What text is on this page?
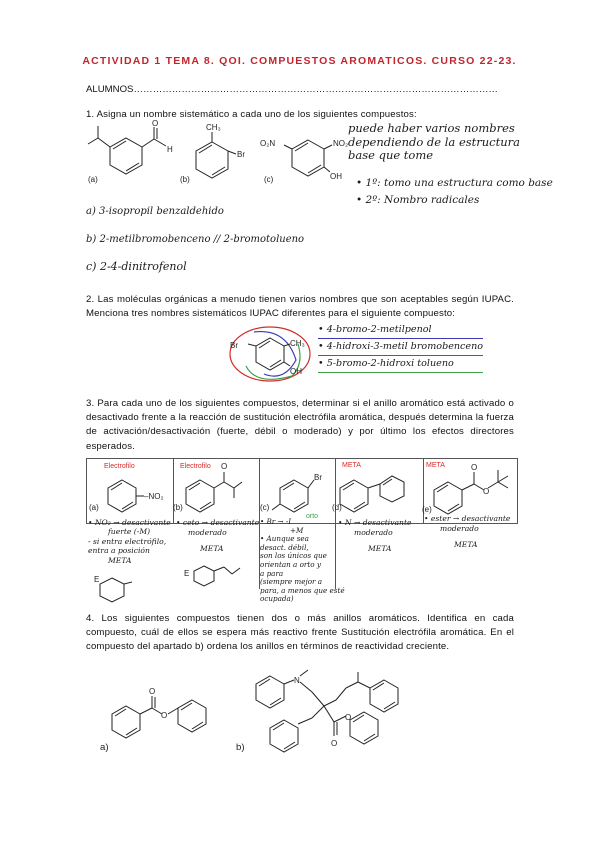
ACTIVIDAD 1 TEMA 8. QOI. COMPUESTOS AROMATICOS. CURSO 22-23.
ALUMNOS……………………………………………………………………………………………………
1. Asigna un nombre sistemático a cada uno de los siguientes compuestos:
O
H
(a)
CH₃
Br
(b)
O₂N	NO₂
OH
(c)
puede haber varios nombres
dependiendo de la estructura
base que tome
• 1º: tomo una estructura como base
• 2º: Nombro radicales
a) 3-isopropil benzaldehido
b) 2-metilbromobenceno // 2-bromotolueno
c) 2-4-dinitrofenol
2. Las moléculas orgánicas a menudo tienen varios nombres que son aceptables según IUPAC. Menciona tres nombres sistemáticos IUPAC diferentes para el siguiente compuesto:
Br	CH₃
OH
• 4-bromo-2-metilpenol
• 4-hidroxi-3-metil bromobenceno
• 5-bromo-2-hidroxi tolueno
3. Para cada uno de los siguientes compuestos, determinar si el anillo aromático está activado o desactivado frente a la reacción de sustitución electrófila aromática, después determina la fuerza de activación/desactivación (fuerte, débil o moderado) y por último los efectos directores esperados.
–NO₂
(a)
Electrofilo	O
(b)
Electrofilo
Br
(c)
orto
(d)
META	O
O
(e)
META
• NO₂ → desactivante
fuerte (-M)
- si entra electrófilo,
entra a posición
META
E
• ceto → desactivante
moderado
META
E
• Br → -I
+M
• Aunque sea
desact. débil,
son los únicos que
orientan a orto y
a para
(siempre mejor a
para, a menos que esté
ocupada)
• N → desactivante
moderado
META
• ester → desactivante
moderado
META
4. Los siguientes compuestos tienen dos o más anillos aromáticos. Identifica en cada compuesto, cuál de ellos se espera más reactivo frente Sustitución electrófila aromática. En el compuesto del apartado b) ordena los anillos en términos de reactividad creciente.
O
O
a)
N
O
O
b)
